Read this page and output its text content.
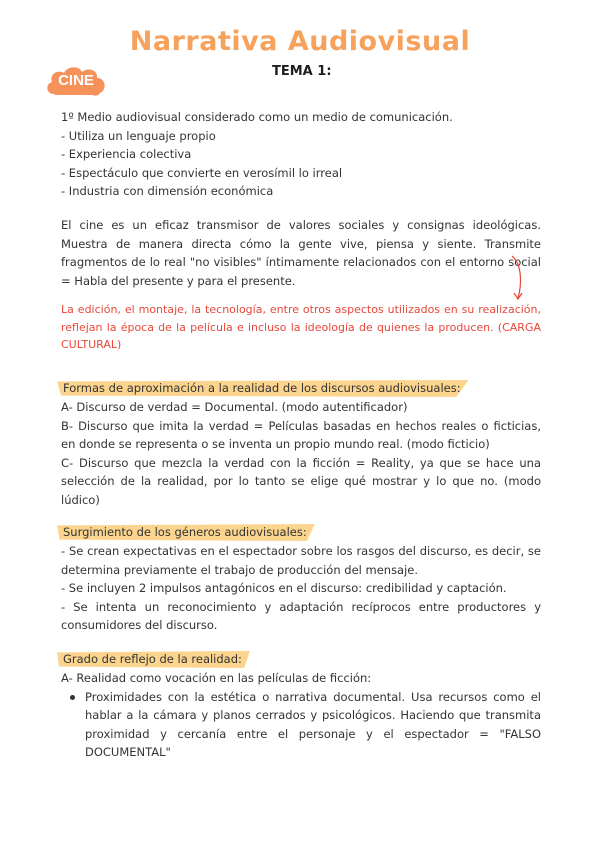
Narrativa Audiovisual
CINE
TEMA 1:
1º Medio audiovisual considerado como un medio de comunicación.
- Utiliza un lenguaje propio
- Experiencia colectiva
- Espectáculo que convierte en verosímil lo irreal
- Industria con dimensión económica
El cine es un eficaz transmisor de valores sociales y consignas ideológicas. Muestra de manera directa cómo la gente vive, piensa y siente. Transmite fragmentos de lo real "no visibles" íntimamente relacionados con el entorno social = Habla del presente y para el presente.
La edición, el montaje, la tecnología, entre otros aspectos utilizados en su realización, reflejan la época de la película e incluso la ideología de quienes la producen. (CARGA CULTURAL)
Formas de aproximación a la realidad de los discursos audiovisuales:
A- Discurso de verdad = Documental. (modo autentificador)
B- Discurso que imita la verdad = Películas basadas en hechos reales o ficticias, en donde se representa o se inventa un propio mundo real. (modo ficticio)
C- Discurso que mezcla la verdad con la ficción = Reality, ya que se hace una selección de la realidad, por lo tanto se elige qué mostrar y lo que no. (modo lúdico)
Surgimiento de los géneros audiovisuales:
- Se crean expectativas en el espectador sobre los rasgos del discurso, es decir, se determina previamente el trabajo de producción del mensaje.
- Se incluyen 2 impulsos antagónicos en el discurso: credibilidad y captación.
- Se intenta un reconocimiento y adaptación recíprocos entre productores y consumidores del discurso.
Grado de reflejo de la realidad:
A- Realidad como vocación en las películas de ficción:
Proximidades con la estética o narrativa documental. Usa recursos como el hablar a la cámara y planos cerrados y psicológicos. Haciendo que transmita proximidad y cercanía entre el personaje y el espectador = "FALSO DOCUMENTAL"
